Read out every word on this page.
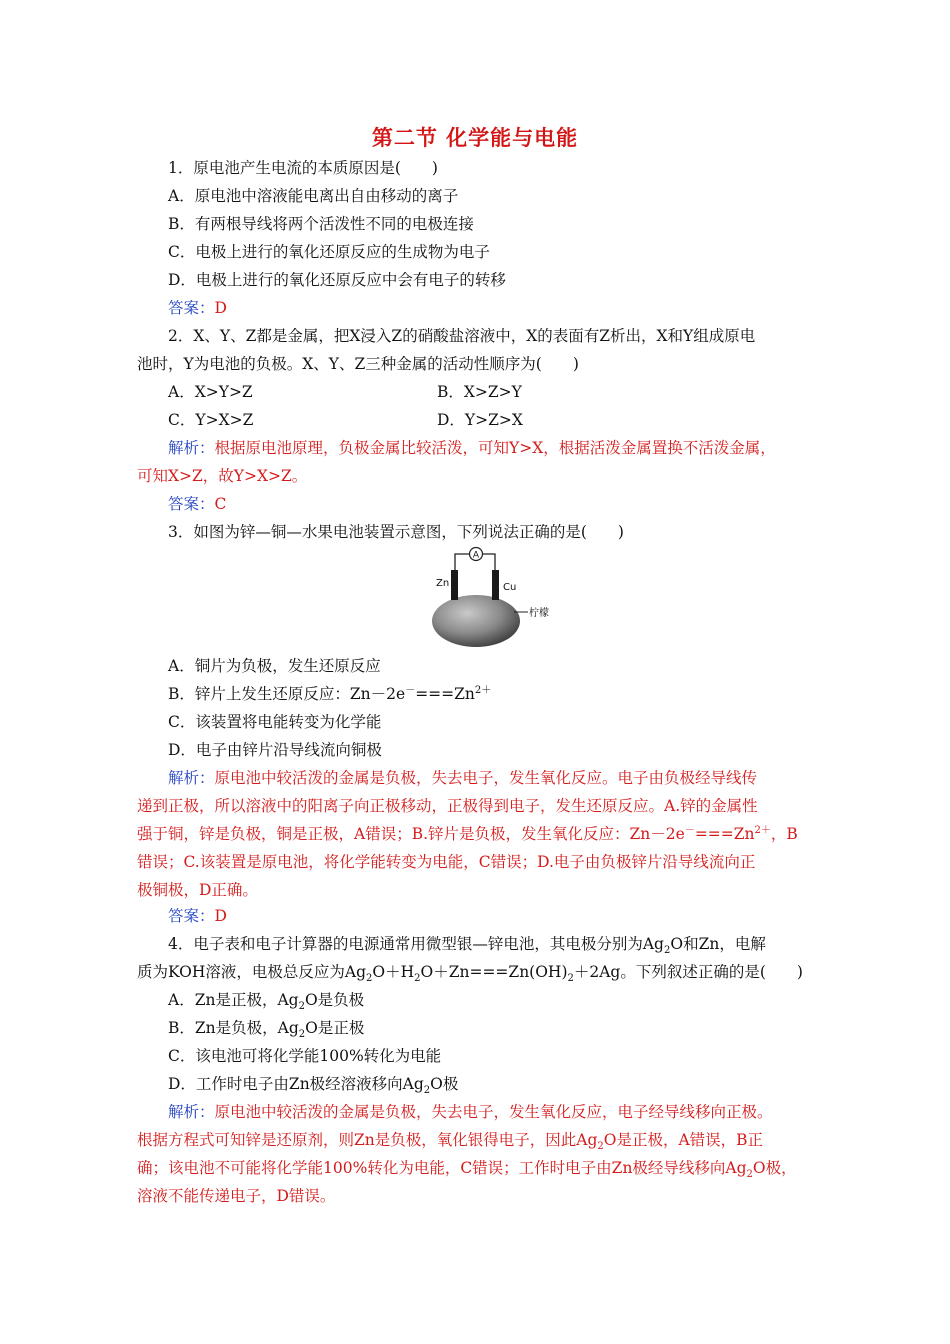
第二节 化学能与电能
1．原电池产生电流的本质原因是(　　)
A．原电池中溶液能电离出自由移动的离子
B．有两根导线将两个活泼性不同的电极连接
C．电极上进行的氧化还原反应的生成物为电子
D．电极上进行的氧化还原反应中会有电子的转移
答案：D
2．X、Y、Z都是金属，把X浸入Z的硝酸盐溶液中，X的表面有Z析出，X和Y组成原电
池时，Y为电池的负极。X、Y、Z三种金属的活动性顺序为(　　)
A．X>Y>Z	B．X>Z>Y
C．Y>X>Z	D．Y>Z>X
解析：根据原电池原理，负极金属比较活泼，可知Y>X，根据活泼金属置换不活泼金属，
可知X>Z，故Y>X>Z。
答案：C
3．如图为锌—铜—水果电池装置示意图，下列说法正确的是(　　)
A
Zn	Cu
柠檬
A．铜片为负极，发生还原反应
B．锌片上发生还原反应：$Zn-2e^-===Zn^{2+}$
C．该装置将电能转变为化学能
D．电子由锌片沿导线流向铜极
解析：原电池中较活泼的金属是负极，失去电子，发生氧化反应。电子由负极经导线传
递到正极，所以溶液中的阳离子向正极移动，正极得到电子，发生还原反应。A.锌的金属性
强于铜，锌是负极，铜是正极，A错误；B.锌片是负极，发生氧化反应：$Zn-2e^-===Zn^{2+}$，B
错误；C.该装置是原电池，将化学能转变为电能，C错误；D.电子由负极锌片沿导线流向正
极铜极，D正确。
答案：D
4．电子表和电子计算器的电源通常用微型银—锌电池，其电极分别为$Ag_2O$和Zn，电解
质为KOH溶液，电极总反应为$Ag_2O+H_2O+Zn===Zn(OH)_2+2Ag$。下列叙述正确的是(　　)
A．Zn是正极，$Ag_2O$是负极
B．Zn是负极，$Ag_2O$是正极
C．该电池可将化学能100%转化为电能
D．工作时电子由Zn极经溶液移向$Ag_2O$极
解析：原电池中较活泼的金属是负极，失去电子，发生氧化反应，电子经导线移向正极。
根据方程式可知锌是还原剂，则Zn是负极，氧化银得电子，因此$Ag_2O$是正极，A错误，B正
确；该电池不可能将化学能100%转化为电能，C错误；工作时电子由Zn极经导线移向$Ag_2O$极，
溶液不能传递电子，D错误。
